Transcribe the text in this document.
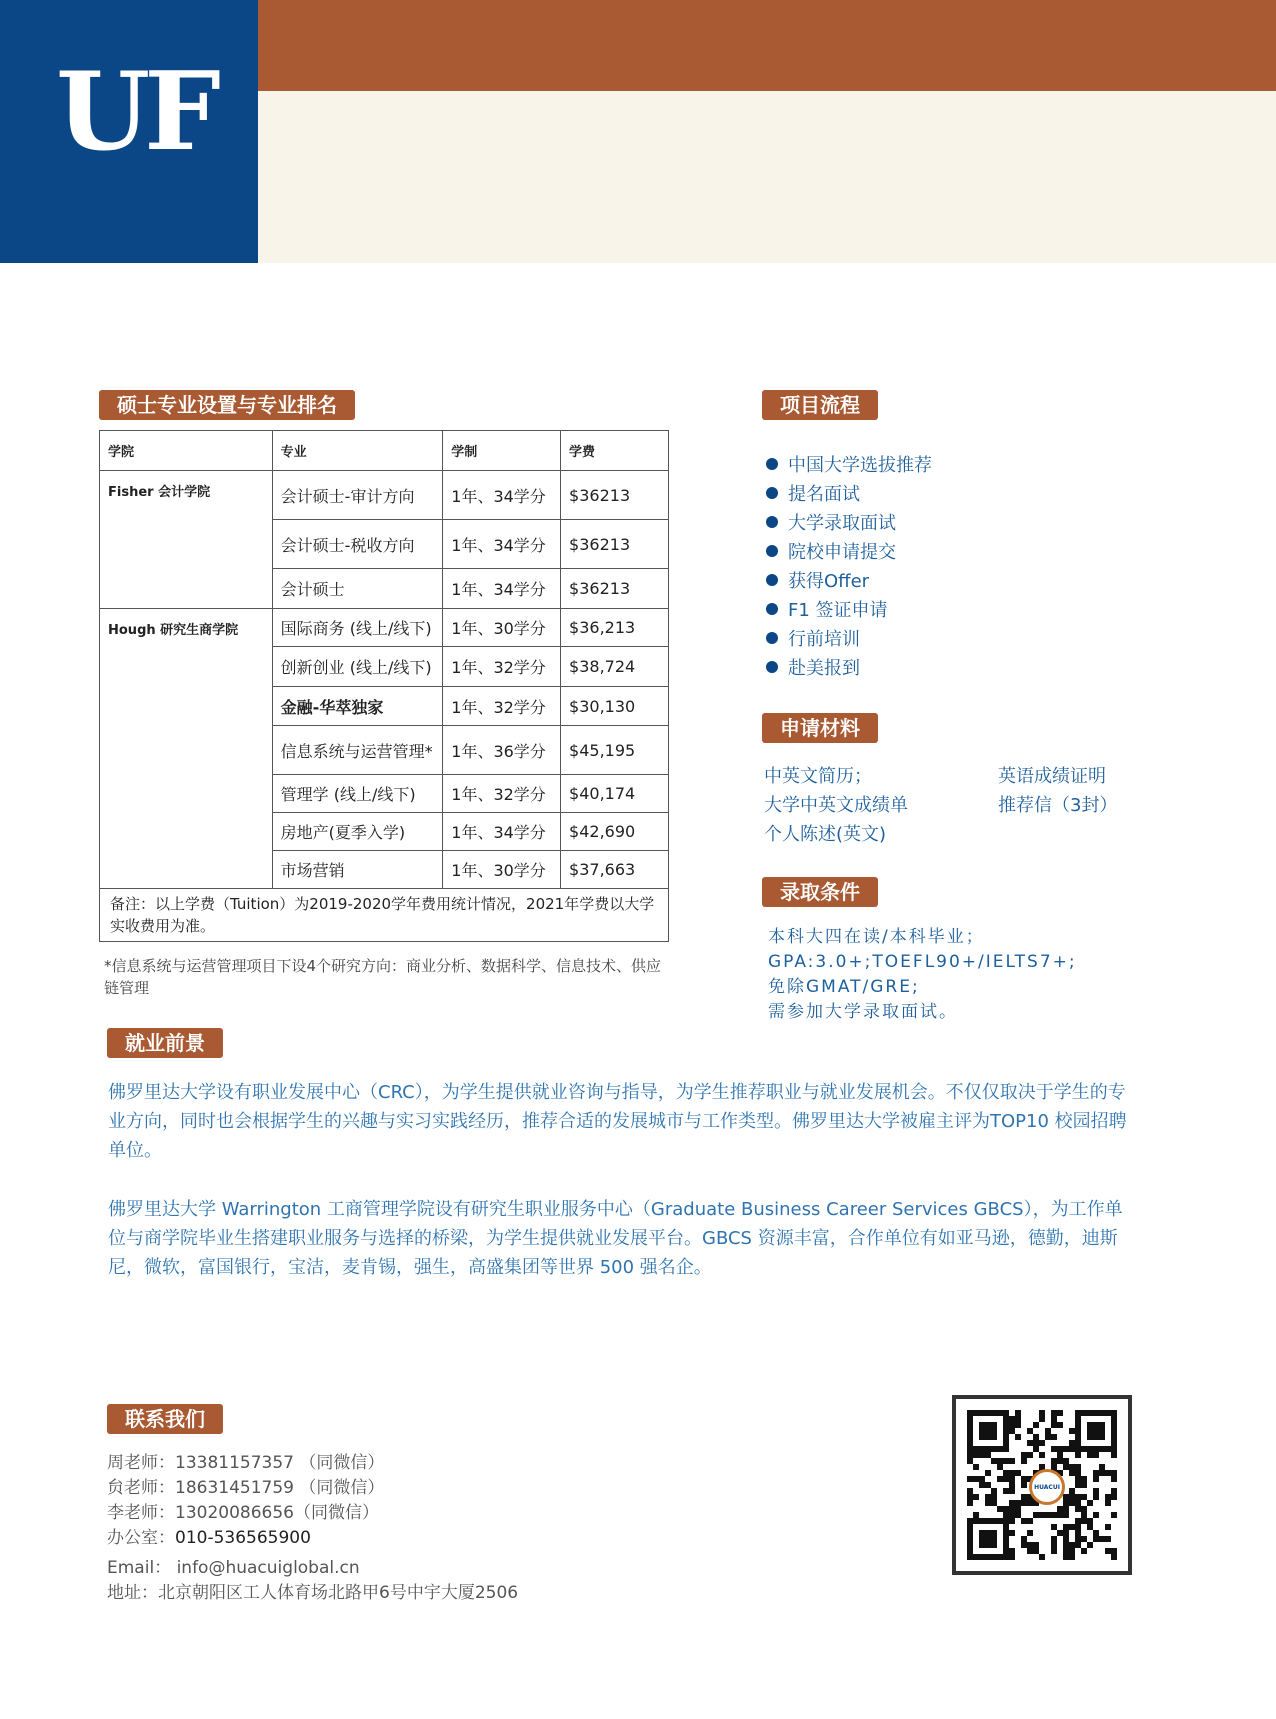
UF
硕士专业设置与专业排名
学院	专业	学制	学费
Fisher 会计学院	会计硕士-审计方向	1年、34学分	$36213
	会计硕士-税收方向	1年、34学分	$36213
	会计硕士	1年、34学分	$36213
Hough 研究生商学院	国际商务 (线上/线下)	1年、30学分	$36,213
	创新创业 (线上/线下)	1年、32学分	$38,724
	金融-华萃独家	1年、32学分	$30,130
	信息系统与运营管理*	1年、36学分	$45,195
	管理学 (线上/线下)	1年、32学分	$40,174
	房地产(夏季入学)	1年、34学分	$42,690
	市场营销	1年、30学分	$37,663
备注：以上学费（Tuition）为2019-2020学年费用统计情况，2021年学费以大学实收费用为准。			
*信息系统与运营管理项目下设4个研究方向：商业分析、数据科学、信息技术、供应链管理
项目流程
中国大学选拔推荐
提名面试
大学录取面试
院校申请提交
获得Offer
F1 签证申请
行前培训
赴美报到
申请材料
中英文简历；
大学中英文成绩单
个人陈述(英文)
英语成绩证明
推荐信（3封）
录取条件
本科大四在读/本科毕业；
GPA:3.0+;TOEFL90+/IELTS7+;
免除GMAT/GRE;
需参加大学录取面试。
就业前景
佛罗里达大学设有职业发展中心（CRC），为学生提供就业咨询与指导，为学生推荐职业与就业发展机会。不仅仅取决于学生的专业方向，同时也会根据学生的兴趣与实习实践经历，推荐合适的发展城市与工作类型。佛罗里达大学被雇主评为TOP10 校园招聘单位。
佛罗里达大学 Warrington 工商管理学院设有研究生职业服务中心（Graduate Business Career Services GBCS），为工作单位与商学院毕业生搭建职业服务与选择的桥梁，为学生提供就业发展平台。GBCS 资源丰富，合作单位有如亚马逊，德勤，迪斯尼，微软，富国银行，宝洁，麦肯锡，强生，高盛集团等世界 500 强名企。
联系我们
周老师：13381157357 （同微信）
贠老师：18631451759 （同微信）
李老师：13020086656（同微信）
办公室：010-536565900
Email： info@huacuiglobal.cn
地址：北京朝阳区工人体育场北路甲6号中宇大厦2506
HUACUI
